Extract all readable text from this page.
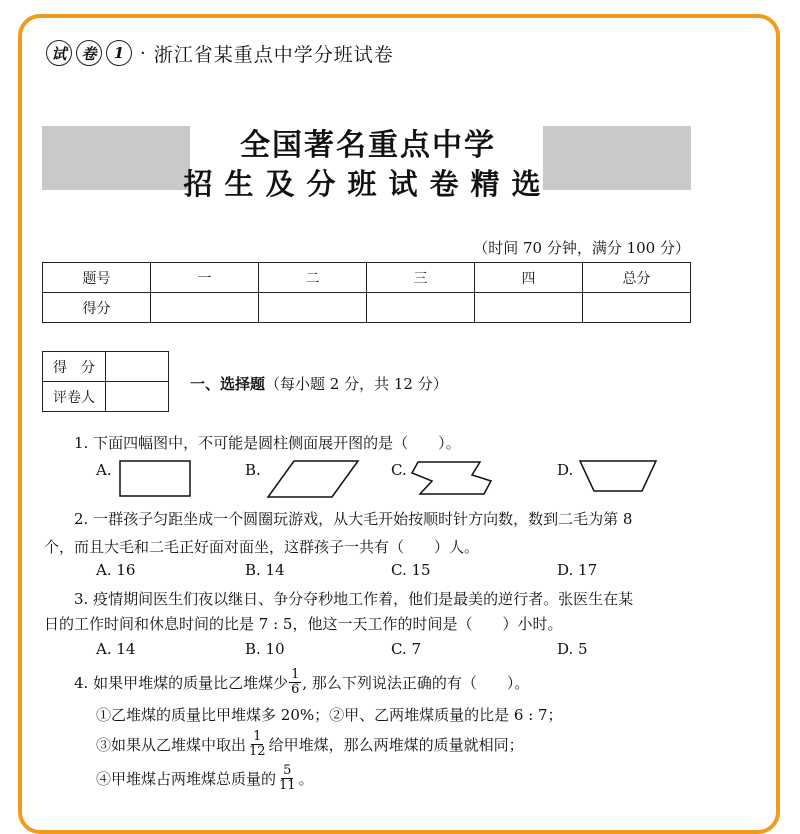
试 卷	1 · 浙江省某重点中学分班试卷
全国著名重点中学
招生及分班试卷精选
（时间 70 分钟，满分 100 分）
题号	一	二	三	四	总分
得分					
得　分	
评卷人	
一、选择题（每小题 2 分，共 12 分）
1. 下面四幅图中，不可能是圆柱侧面展开图的是（　　）。
A.	B.	C.	D.
2. 一群孩子匀距坐成一个圆圈玩游戏，从大毛开始按顺时针方向数，数到二毛为第 8
个，而且大毛和二毛正好面对面坐，这群孩子一共有（　　）人。
A. 16	B. 14	C. 15	D. 17
3. 疫情期间医生们夜以继日、争分夺秒地工作着，他们是最美的逆行者。张医生在某
日的工作时间和休息时间的比是 7 : 5，他这一天工作的时间是（　　）小时。
A. 14	B. 10	C. 7	D. 5
4. 如果甲堆煤的质量比乙堆煤少 $\frac{1}{6}$ , 那么下列说法正确的有（　　）。
①乙堆煤的质量比甲堆煤多 20%；②甲、乙两堆煤质量的比是 6 : 7；
③如果从乙堆煤中取出 $\frac{1}{12}$ 给甲堆煤，那么两堆煤的质量就相同；
④甲堆煤占两堆煤总质量的 $\frac{5}{11}$ 。
